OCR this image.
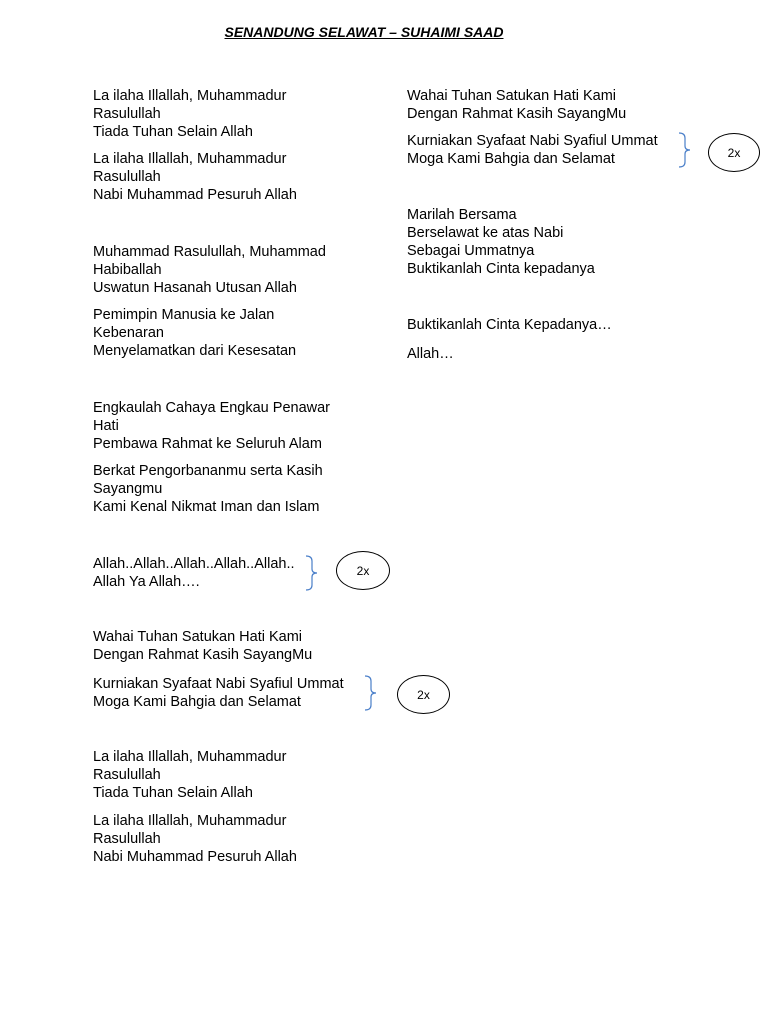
SENANDUNG SELAWAT – SUHAIMI SAAD
La ilaha Illallah, Muhammadur
Rasulullah
Tiada Tuhan Selain Allah
La ilaha Illallah, Muhammadur
Rasulullah
Nabi Muhammad Pesuruh Allah
Muhammad Rasulullah, Muhammad
Habiballah
Uswatun Hasanah Utusan Allah
Pemimpin Manusia ke Jalan
Kebenaran
Menyelamatkan dari Kesesatan
Engkaulah Cahaya Engkau Penawar
Hati
Pembawa Rahmat ke Seluruh Alam
Berkat Pengorbananmu serta Kasih
Sayangmu
Kami Kenal Nikmat Iman dan Islam
Allah..Allah..Allah..Allah..Allah..
Allah Ya Allah….
Wahai Tuhan Satukan Hati Kami
Dengan Rahmat Kasih SayangMu
Kurniakan Syafaat Nabi Syafiul Ummat
Moga Kami Bahgia dan Selamat
La ilaha Illallah, Muhammadur
Rasulullah
Tiada Tuhan Selain Allah
La ilaha Illallah, Muhammadur
Rasulullah
Nabi Muhammad Pesuruh Allah
Wahai Tuhan Satukan Hati Kami
Dengan Rahmat Kasih SayangMu
Kurniakan Syafaat Nabi Syafiul Ummat
Moga Kami Bahgia dan Selamat
Marilah Bersama
Berselawat ke atas Nabi
Sebagai Ummatnya
Buktikanlah Cinta kepadanya
Buktikanlah Cinta Kepadanya…
Allah…
2x
2x
2x
